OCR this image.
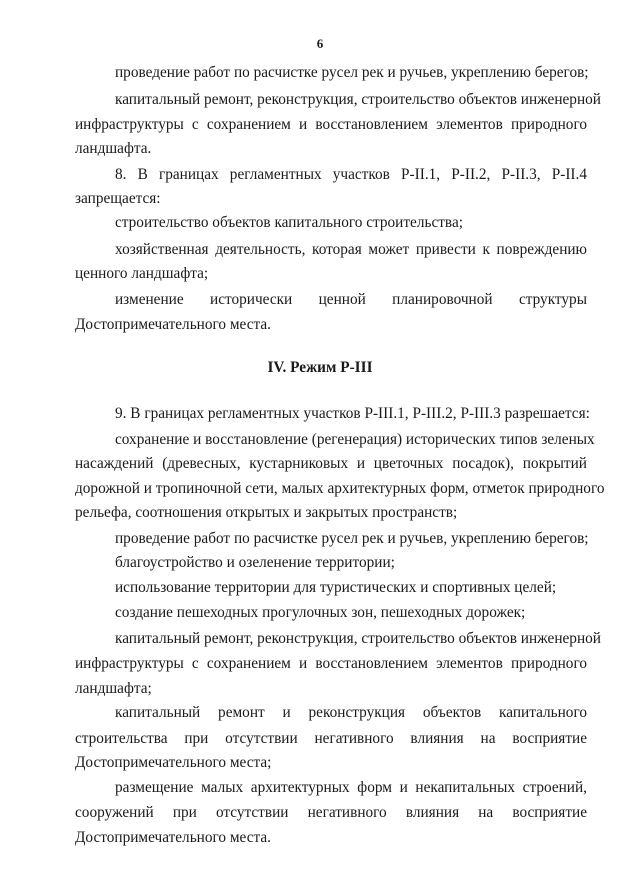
6
проведение работ по расчистке русел рек и ручьев, укреплению берегов;
капитальный ремонт, реконструкция, строительство объектов инженерной
инфраструктуры с сохранением и восстановлением элементов природного
ландшафта.
8. В границах регламентных участков Р-II.1, Р-II.2, Р-II.3, Р-II.4
запрещается:
строительство объектов капитального строительства;
хозяйственная деятельность, которая может привести к повреждению
ценного ландшафта;
изменение исторически ценной планировочной структуры
Достопримечательного места.
IV. Режим Р-III
9. В границах регламентных участков Р-III.1, Р-III.2, Р-III.3 разрешается:
сохранение и восстановление (регенерация) исторических типов зеленых
насаждений (древесных, кустарниковых и цветочных посадок), покрытий
дорожной и тропиночной сети, малых архитектурных форм, отметок природного
рельефа, соотношения открытых и закрытых пространств;
проведение работ по расчистке русел рек и ручьев, укреплению берегов;
благоустройство и озеленение территории;
использование территории для туристических и спортивных целей;
создание пешеходных прогулочных зон, пешеходных дорожек;
капитальный ремонт, реконструкция, строительство объектов инженерной
инфраструктуры с сохранением и восстановлением элементов природного
ландшафта;
капитальный ремонт и реконструкция объектов капитального
строительства при отсутствии негативного влияния на восприятие
Достопримечательного места;
размещение малых архитектурных форм и некапитальных строений,
сооружений при отсутствии негативного влияния на восприятие
Достопримечательного места.
